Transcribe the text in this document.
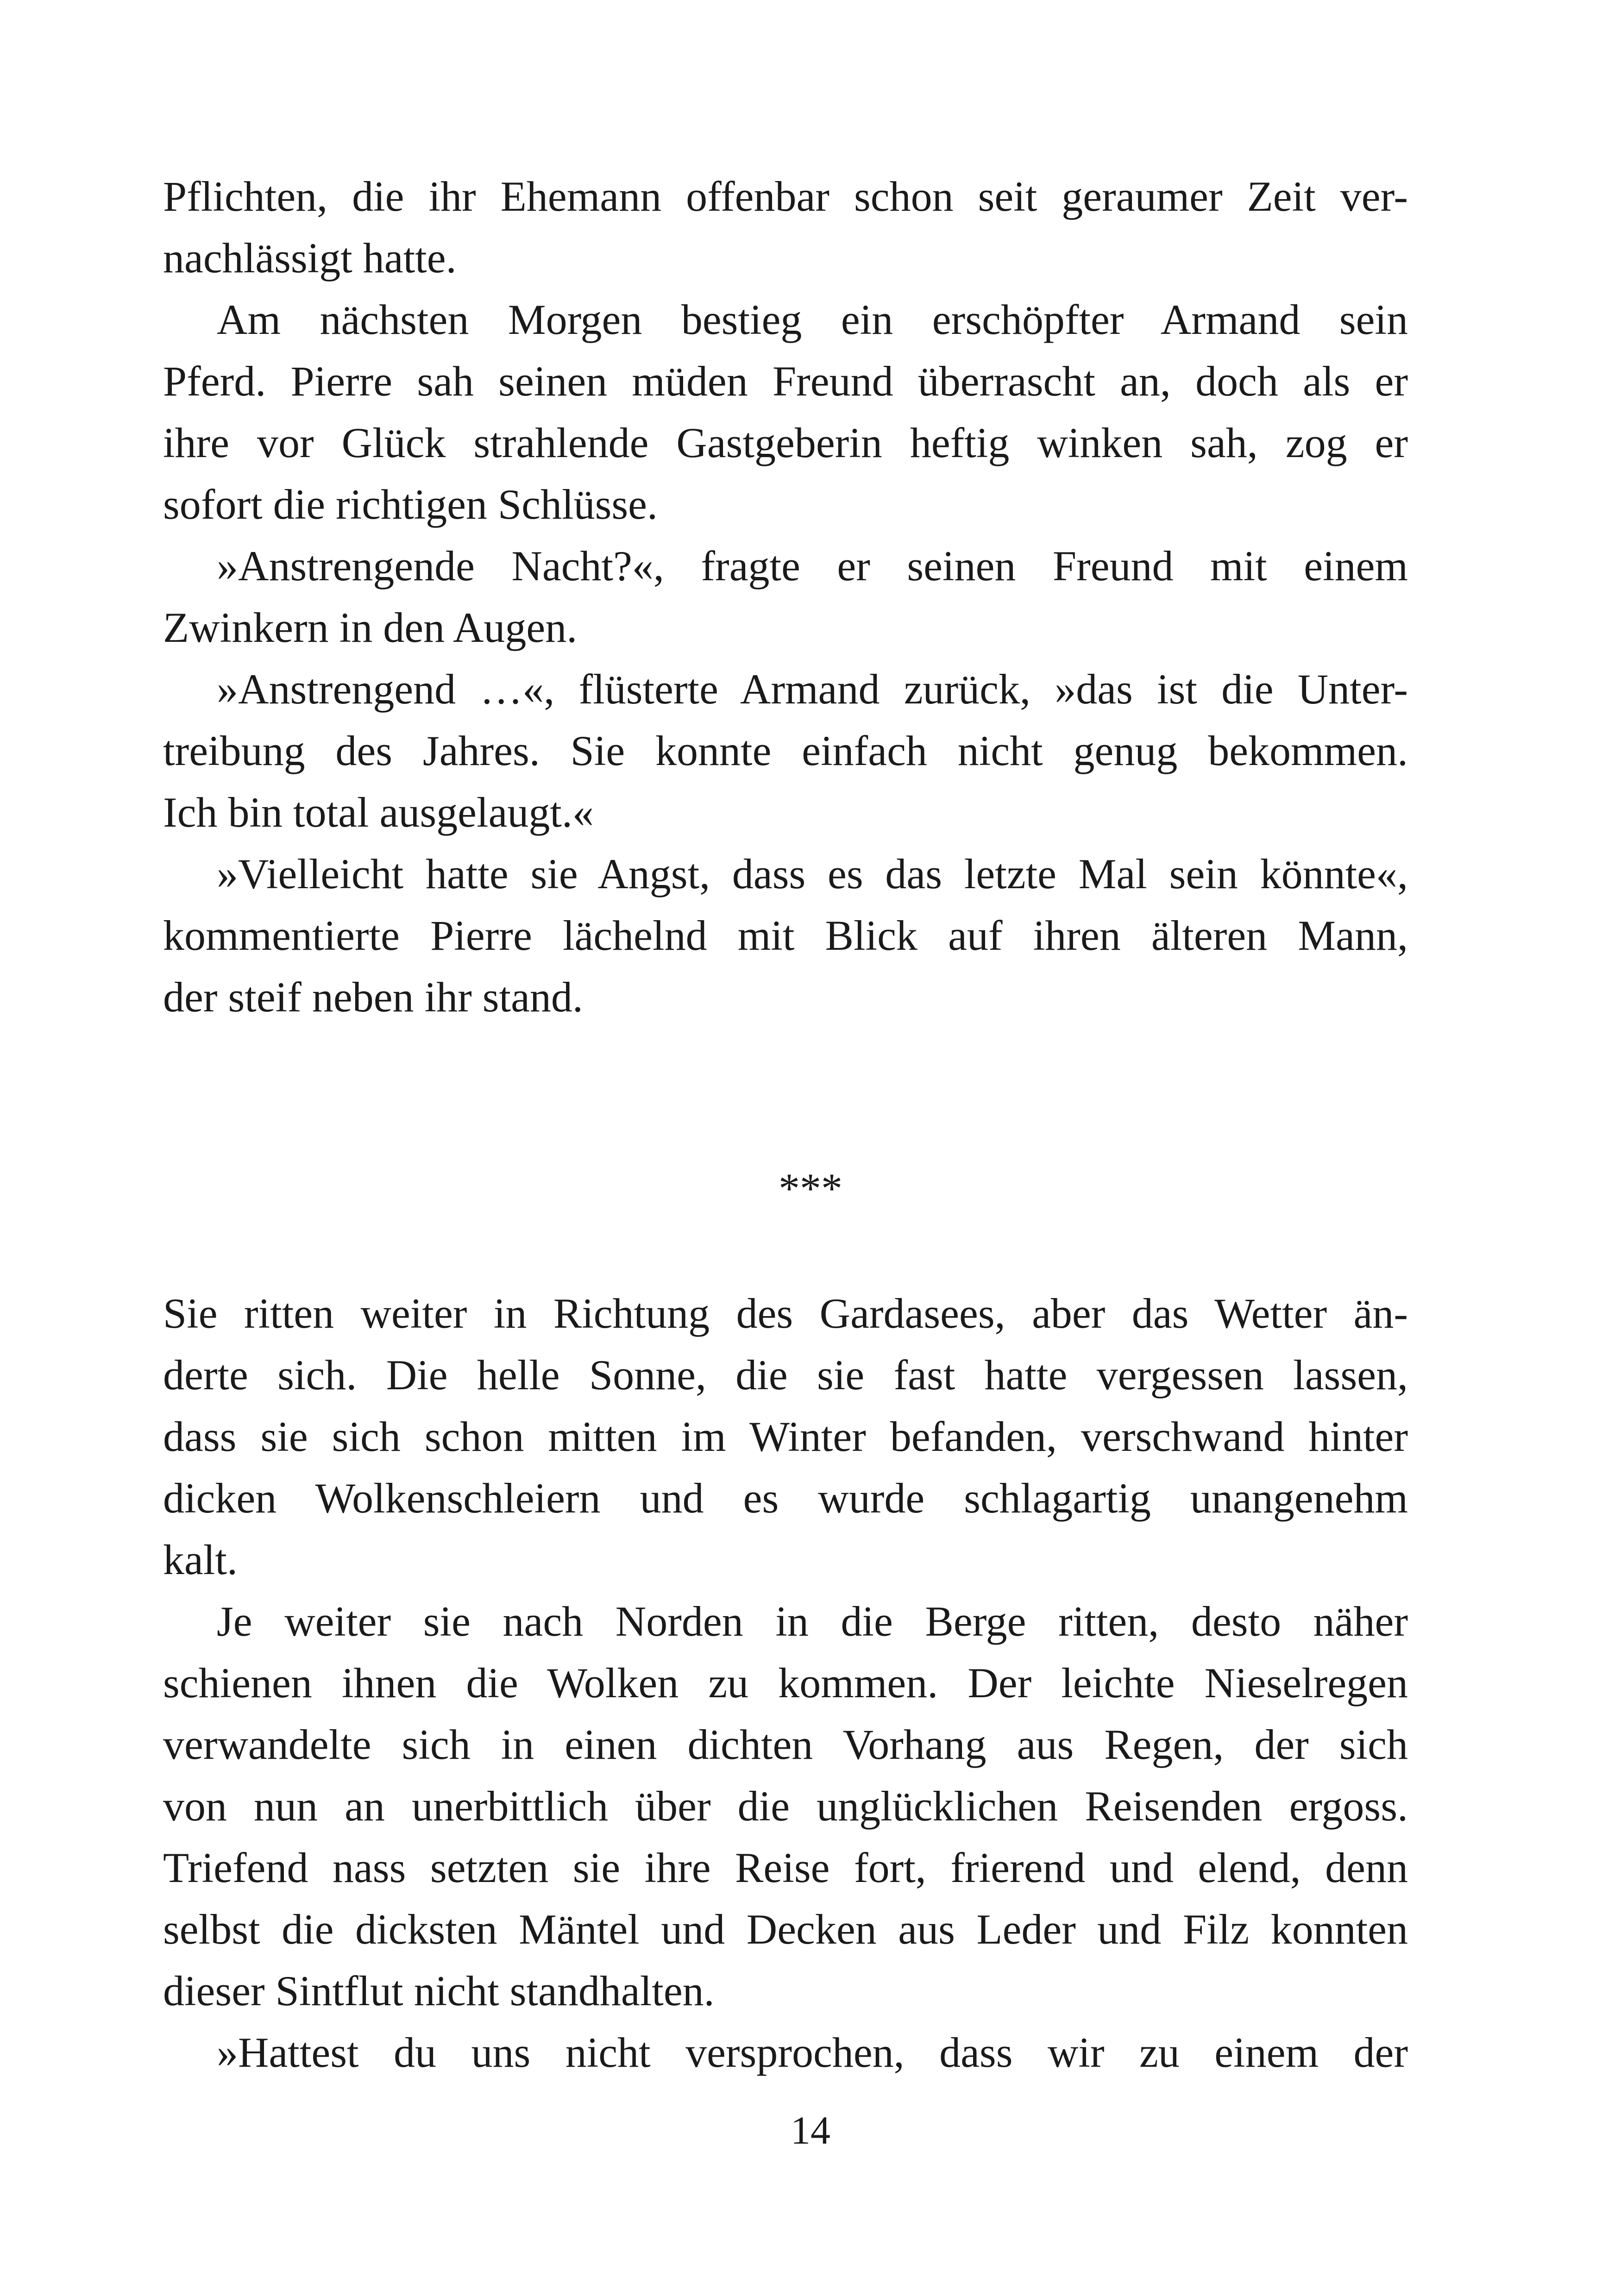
Pflichten, die ihr Ehemann offenbar schon seit geraumer Zeit ver-
nachlässigt hatte.
Am nächsten Morgen bestieg ein erschöpfter Armand sein
Pferd. Pierre sah seinen müden Freund überrascht an, doch als er
ihre vor Glück strahlende Gastgeberin heftig winken sah, zog er
sofort die richtigen Schlüsse.
»Anstrengende Nacht?«, fragte er seinen Freund mit einem
Zwinkern in den Augen.
»Anstrengend …«, flüsterte Armand zurück, »das ist die Unter-
treibung des Jahres. Sie konnte einfach nicht genug bekommen.
Ich bin total ausgelaugt.«
»Vielleicht hatte sie Angst, dass es das letzte Mal sein könnte«,
kommentierte Pierre lächelnd mit Blick auf ihren älteren Mann,
der steif neben ihr stand.
***
Sie ritten weiter in Richtung des Gardasees, aber das Wetter än-
derte sich. Die helle Sonne, die sie fast hatte vergessen lassen,
dass sie sich schon mitten im Winter befanden, verschwand hinter
dicken Wolkenschleiern und es wurde schlagartig unangenehm
kalt.
Je weiter sie nach Norden in die Berge ritten, desto näher
schienen ihnen die Wolken zu kommen. Der leichte Nieselregen
verwandelte sich in einen dichten Vorhang aus Regen, der sich
von nun an unerbittlich über die unglücklichen Reisenden ergoss.
Triefend nass setzten sie ihre Reise fort, frierend und elend, denn
selbst die dicksten Mäntel und Decken aus Leder und Filz konnten
dieser Sintflut nicht standhalten.
»Hattest du uns nicht versprochen, dass wir zu einem der
14
